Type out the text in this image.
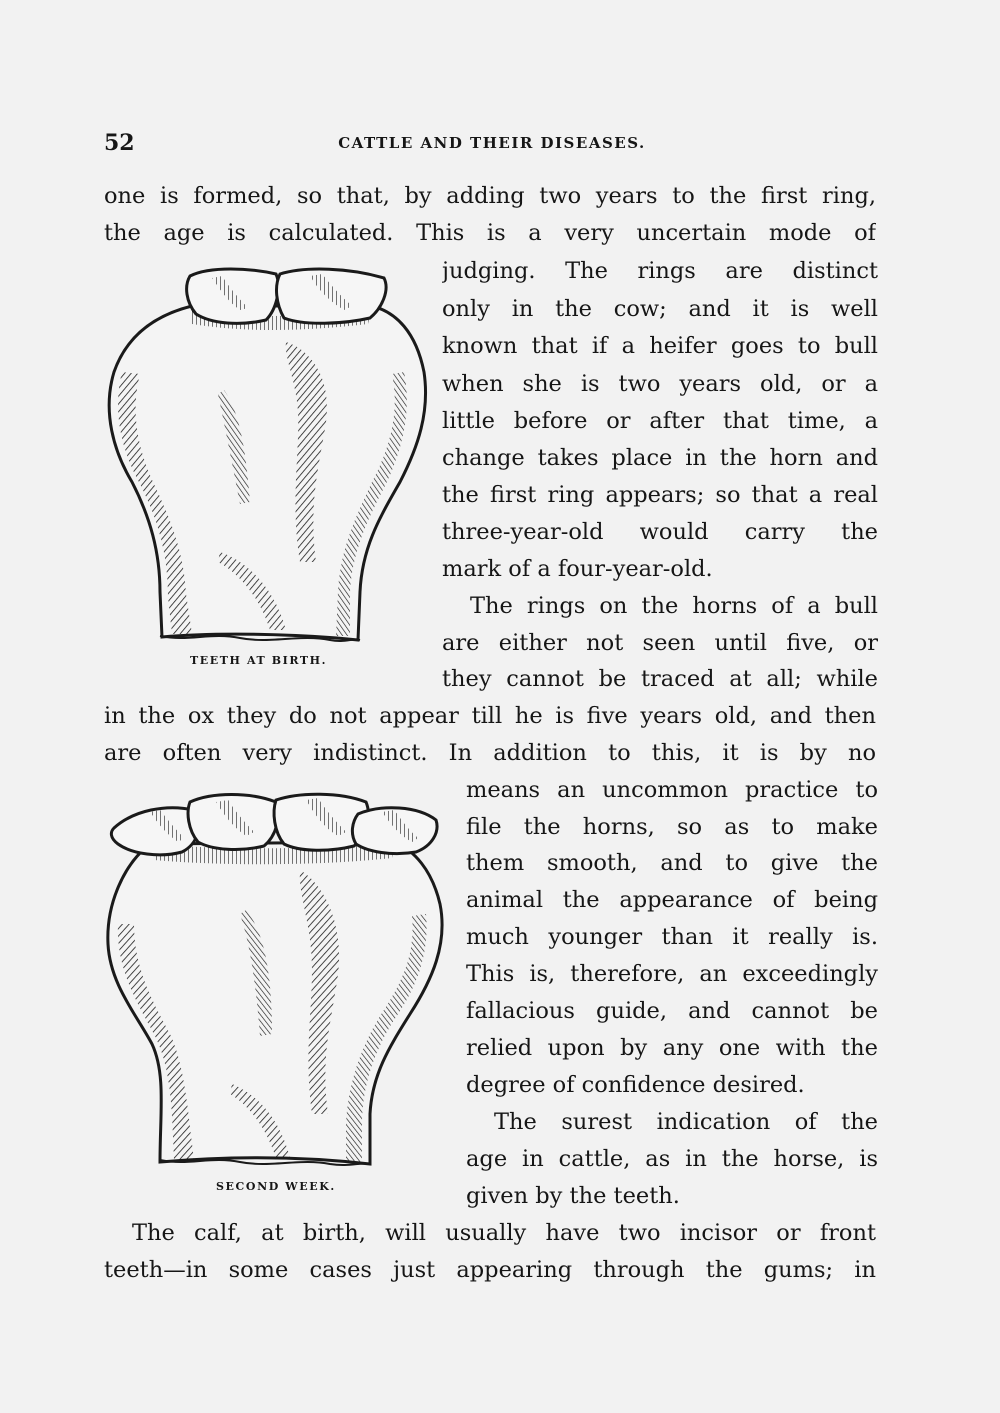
52	CATTLE AND THEIR DISEASES.
TEETH AT BIRTH.
SECOND WEEK.
one is formed, so that, by adding two years to the first ring,
the age is calculated. This is a very uncertain mode of
judging. The rings are distinct
only in the cow; and it is well
known that if a heifer goes to bull
when she is two years old, or a
little before or after that time, a
change takes place in the horn and
the first ring appears; so that a real
three-year-old would carry the
mark of a four-year-old.
The rings on the horns of a bull
are either not seen until five, or
they cannot be traced at all; while
in the ox they do not appear till he is five years old, and then
are often very indistinct. In addition to this, it is by no
means an uncommon practice to
file the horns, so as to make
them smooth, and to give the
animal the appearance of being
much younger than it really is.
This is, therefore, an exceedingly
fallacious guide, and cannot be
relied upon by any one with the
degree of confidence desired.
The surest indication of the
age in cattle, as in the horse, is
given by the teeth.
The calf, at birth, will usually have two incisor or front
teeth—in some cases just appearing through the gums; in
